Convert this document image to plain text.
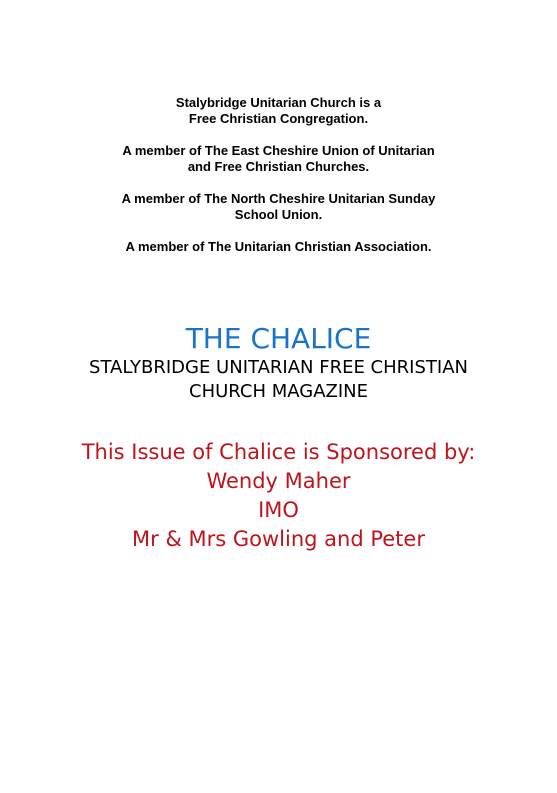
Stalybridge Unitarian Church is a
Free Christian Congregation.

A member of The East Cheshire Union of Unitarian
and Free Christian Churches.

A member of The North Cheshire Unitarian Sunday
School Union.

A member of The Unitarian Christian Association.

THE CHALICE
STALYBRIDGE UNITARIAN FREE CHRISTIAN
CHURCH MAGAZINE
This Issue of Chalice is Sponsored by:
Wendy Maher
IMO
Mr & Mrs Gowling and Peter
